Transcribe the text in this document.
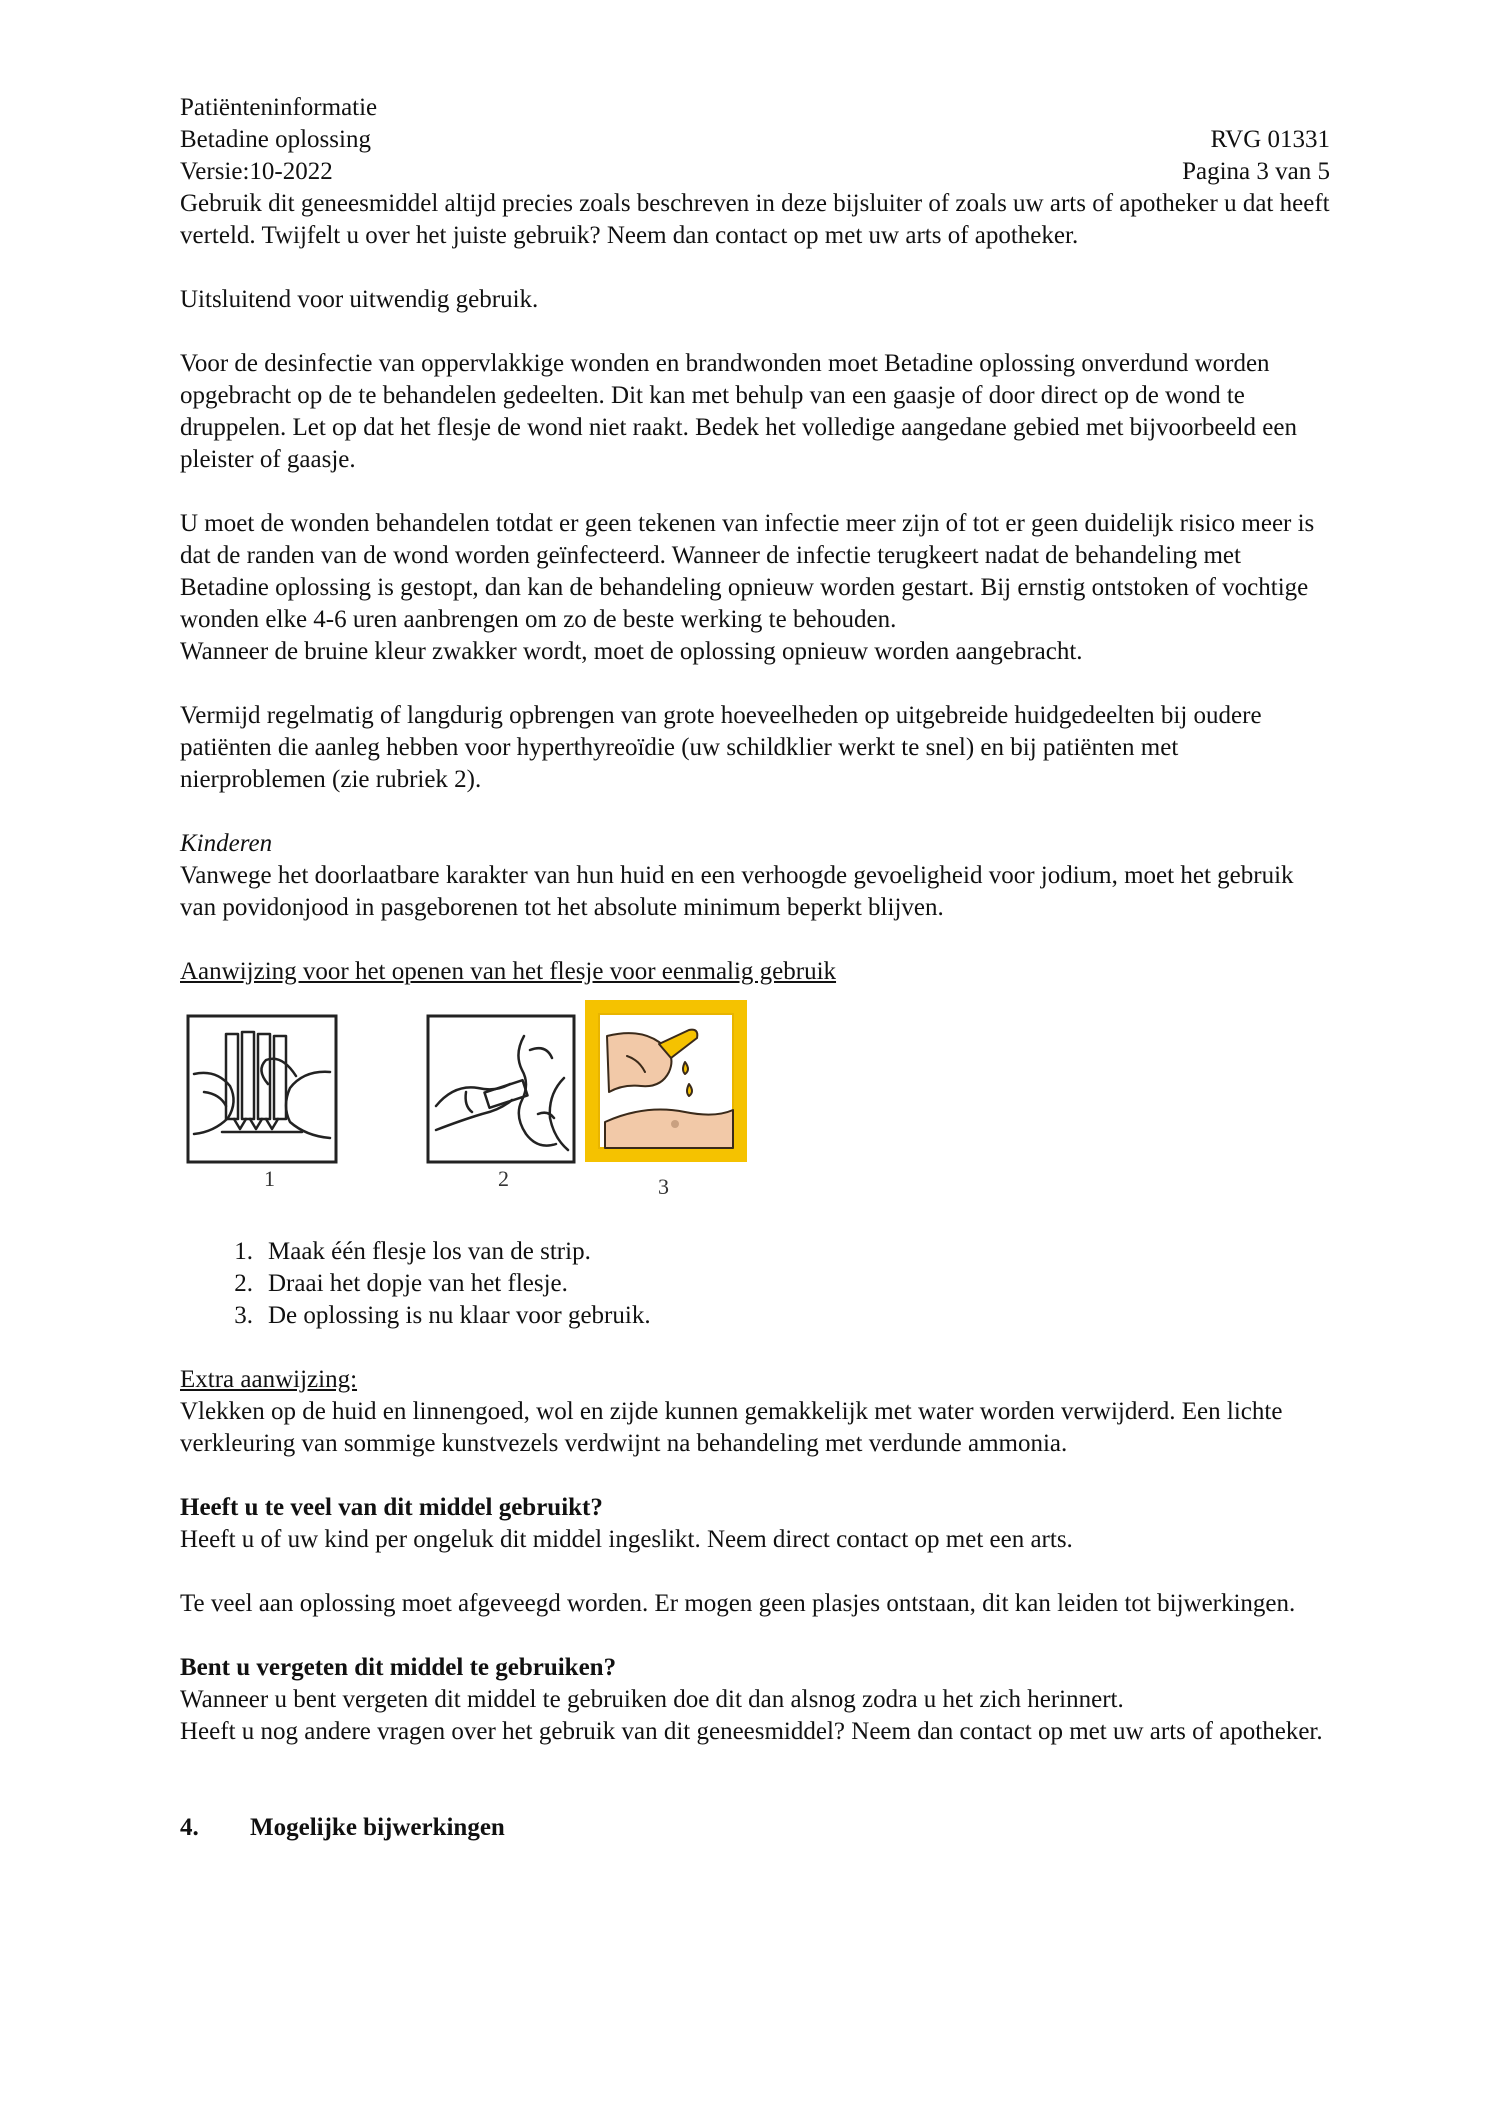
Patiënteninformatie
Betadine oplossing	RVG 01331
Versie:10-2022	Pagina 3 van 5

Gebruik dit geneesmiddel altijd precies zoals beschreven in deze bijsluiter of zoals uw arts of apotheker u dat heeft verteld. Twijfelt u over het juiste gebruik? Neem dan contact op met uw arts of apotheker.

Uitsluitend voor uitwendig gebruik.

Voor de desinfectie van oppervlakkige wonden en brandwonden moet Betadine oplossing onverdund worden opgebracht op de te behandelen gedeelten. Dit kan met behulp van een gaasje of door direct op de wond te druppelen. Let op dat het flesje de wond niet raakt. Bedek het volledige aangedane gebied met bijvoorbeeld een pleister of gaasje.

U moet de wonden behandelen totdat er geen tekenen van infectie meer zijn of tot er geen duidelijk risico meer is dat de randen van de wond worden geïnfecteerd. Wanneer de infectie terugkeert nadat de behandeling met Betadine oplossing is gestopt, dan kan de behandeling opnieuw worden gestart. Bij ernstig ontstoken of vochtige wonden elke 4-6 uren aanbrengen om zo de beste werking te behouden.

Wanneer de bruine kleur zwakker wordt, moet de oplossing opnieuw worden aangebracht.

Vermijd regelmatig of langdurig opbrengen van grote hoeveelheden op uitgebreide huidgedeelten bij oudere patiënten die aanleg hebben voor hyperthyreoïdie (uw schildklier werkt te snel) en bij patiënten met nierproblemen (zie rubriek 2).

Kinderen

Vanwege het doorlaatbare karakter van hun huid en een verhoogde gevoeligheid voor jodium, moet het gebruik van povidonjood in pasgeborenen tot het absolute minimum beperkt blijven.

Aanwijzing voor het openen van het flesje voor eenmalig gebruik

1	2	3
1. Maak één flesje los van de strip.
2. Draai het dopje van het flesje.
3. De oplossing is nu klaar voor gebruik.

Extra aanwijzing:

Vlekken op de huid en linnengoed, wol en zijde kunnen gemakkelijk met water worden verwijderd. Een lichte verkleuring van sommige kunstvezels verdwijnt na behandeling met verdunde ammonia.

Heeft u te veel van dit middel gebruikt?

Heeft u of uw kind per ongeluk dit middel ingeslikt. Neem direct contact op met een arts.

Te veel aan oplossing moet afgeveegd worden. Er mogen geen plasjes ontstaan, dit kan leiden tot bijwerkingen.

Bent u vergeten dit middel te gebruiken?

Wanneer u bent vergeten dit middel te gebruiken doe dit dan alsnog zodra u het zich herinnert.

Heeft u nog andere vragen over het gebruik van dit geneesmiddel? Neem dan contact op met uw arts of apotheker.

4.	Mogelijke bijwerkingen
